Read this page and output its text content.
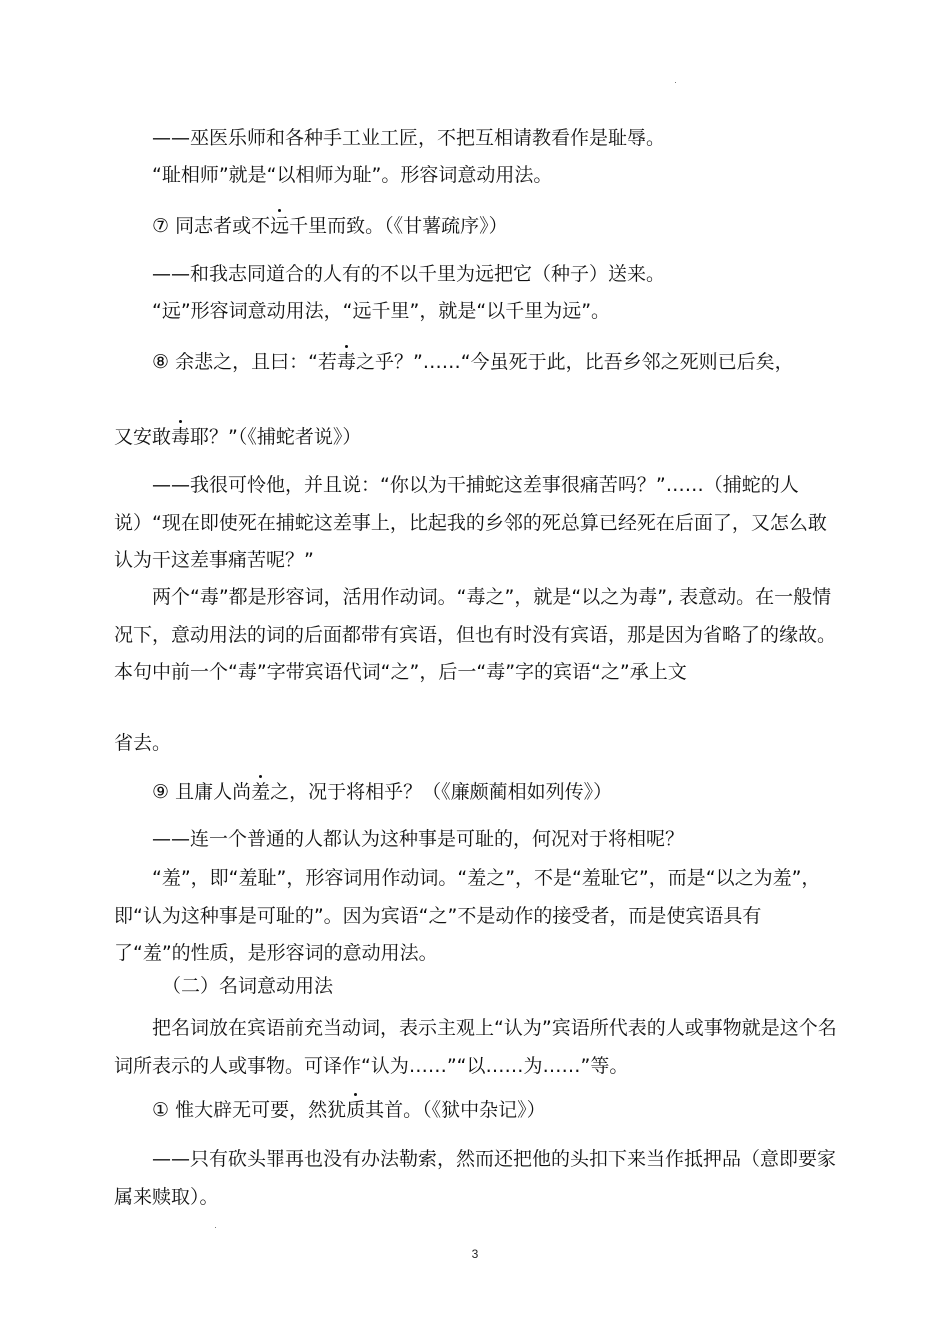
——巫医乐师和各种手工业工匠，不把互相请教看作是耻辱。
“耻相师”就是“以相师为耻”。形容词意动用法。
⑦ 同志者或不远千里而致。（《甘薯疏序》）
——和我志同道合的人有的不以千里为远把它（种子）送来。
“远”形容词意动用法，“远千里”，就是“以千里为远”。
⑧ 余悲之，且曰：“若毒之乎？”……“今虽死于此，比吾乡邻之死则已后矣，
又安敢毒耶？”（《捕蛇者说》）
——我很可怜他，并且说：“你以为干捕蛇这差事很痛苦吗？”……（捕蛇的人说）“现在即使死在捕蛇这差事上，比起我的乡邻的死总算已经死在后面了，又怎么敢认为干这差事痛苦呢？”
两个“毒”都是形容词，活用作动词。“毒之”，就是“以之为毒”, 表意动。在一般情况下，意动用法的词的后面都带有宾语，但也有时没有宾语，那是因为省略了的缘故。本句中前一个“毒”字带宾语代词“之”，后一“毒”字的宾语“之”承上文
省去。
⑨ 且庸人尚羞之，况于将相乎？（《廉颇蔺相如列传》）
——连一个普通的人都认为这种事是可耻的，何况对于将相呢？
“羞”，即“羞耻”，形容词用作动词。“羞之”，不是“羞耻它”，而是“以之为羞”，即“认为这种事是可耻的”。因为宾语“之”不是动作的接受者，而是使宾语具有了“羞”的性质，是形容词的意动用法。
（二）名词意动用法
把名词放在宾语前充当动词，表示主观上“认为”宾语所代表的人或事物就是这个名词所表示的人或事物。可译作“认为……”“以……为……”等。
① 惟大辟无可要，然犹质其首。（《狱中杂记》）
——只有砍头罪再也没有办法勒索，然而还把他的头扣下来当作抵押品（意即要家属来赎取）。
3
